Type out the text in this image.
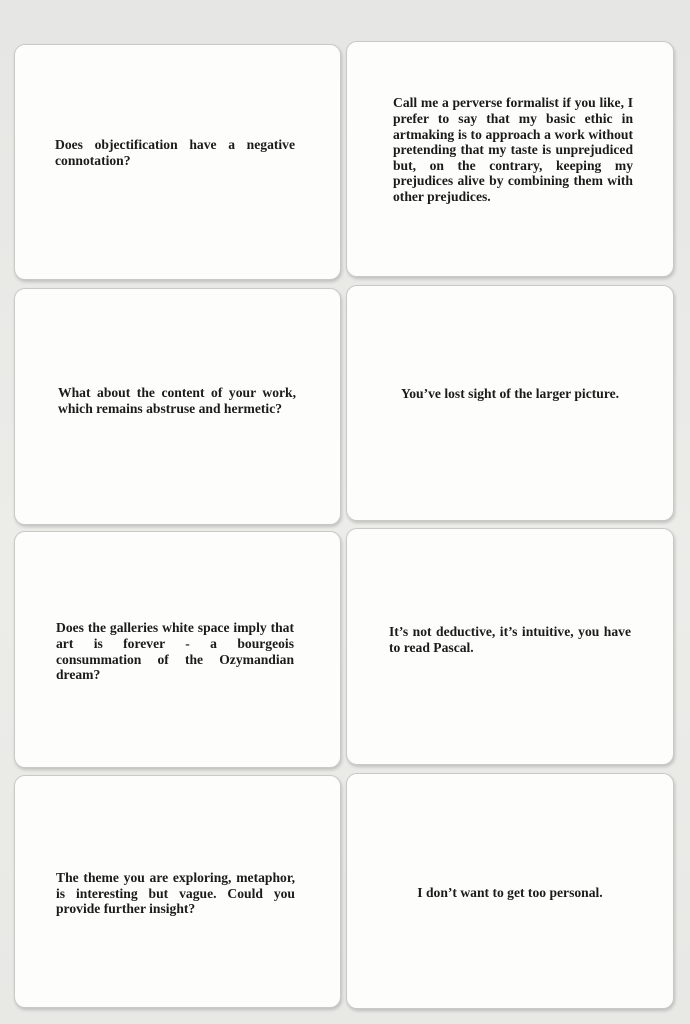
Does objectification have a negative connotation?

Call me a perverse formalist if you like, I prefer to say that my basic ethic in artmaking is to approach a work without pretending that my taste is unprejudiced but, on the contrary, keeping my prejudices alive by combining them with other prejudices.

What about the content of your work, which remains abstruse and hermetic?

You’ve lost sight of the larger picture.

Does the galleries white space imply that art is forever - a bourgeois consummation of the Ozymandian dream?

It’s not deductive, it’s intuitive, you have to read Pascal.

The theme you are exploring, metaphor, is interesting but vague. Could you provide further insight?

I don’t want to get too personal.
